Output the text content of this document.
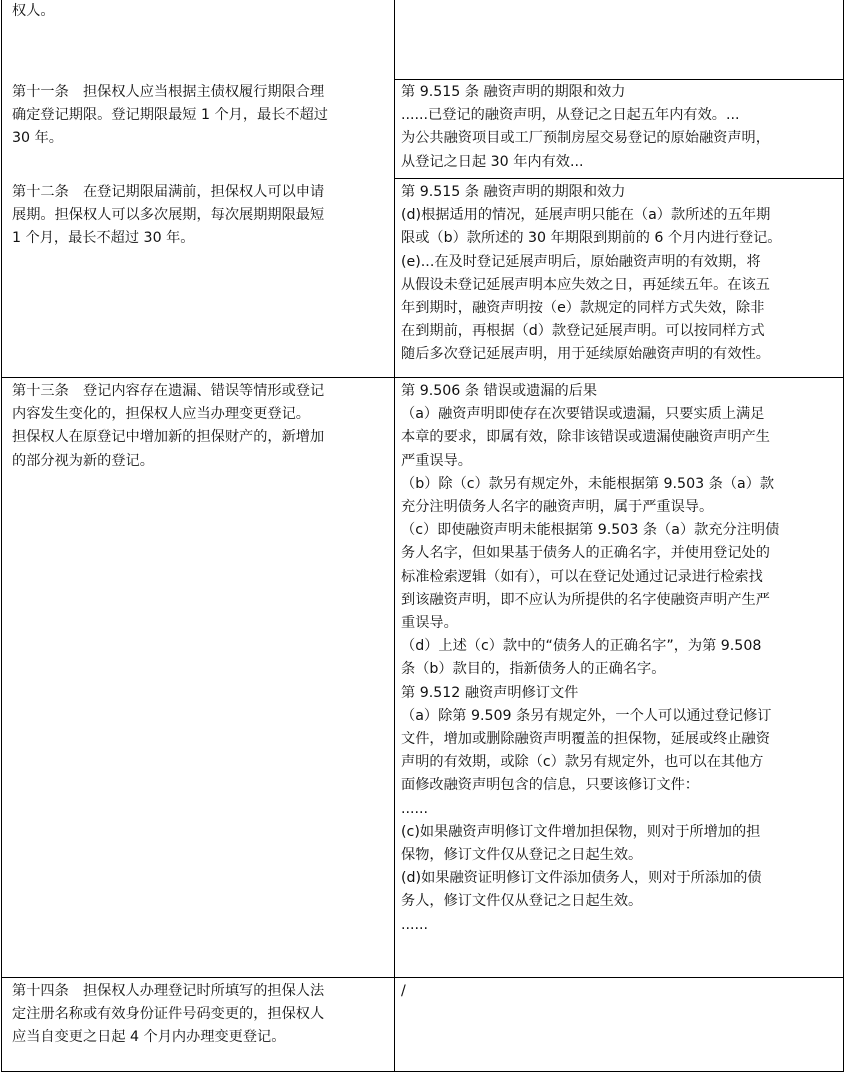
权人。
第十一条　担保权人应当根据主债权履行期限合理
确定登记期限。登记期限最短 1 个月，最长不超过
30 年。
第 9.515 条 融资声明的期限和效力
......已登记的融资声明，从登记之日起五年内有效。...
为公共融资项目或工厂预制房屋交易登记的原始融资声明，
从登记之日起 30 年内有效...
第十二条　在登记期限届满前，担保权人可以申请
展期。担保权人可以多次展期，每次展期期限最短
1 个月，最长不超过 30 年。
第 9.515 条 融资声明的期限和效力
(d)根据适用的情况，延展声明只能在（a）款所述的五年期
限或（b）款所述的 30 年期限到期前的 6 个月内进行登记。
(e)...在及时登记延展声明后，原始融资声明的有效期，将
从假设未登记延展声明本应失效之日，再延续五年。在该五
年到期时，融资声明按（e）款规定的同样方式失效，除非
在到期前，再根据（d）款登记延展声明。可以按同样方式
随后多次登记延展声明，用于延续原始融资声明的有效性。
第十三条　登记内容存在遗漏、错误等情形或登记
内容发生变化的，担保权人应当办理变更登记。
担保权人在原登记中增加新的担保财产的，新增加
的部分视为新的登记。
第 9.506 条 错误或遗漏的后果
（a）融资声明即使存在次要错误或遗漏，只要实质上满足
本章的要求，即属有效，除非该错误或遗漏使融资声明产生
严重误导。
（b）除（c）款另有规定外，未能根据第 9.503 条（a）款
充分注明债务人名字的融资声明，属于严重误导。
（c）即使融资声明未能根据第 9.503 条（a）款充分注明债
务人名字，但如果基于债务人的正确名字，并使用登记处的
标准检索逻辑（如有），可以在登记处通过记录进行检索找
到该融资声明，即不应认为所提供的名字使融资声明产生严
重误导。
（d）上述（c）款中的“债务人的正确名字”，为第 9.508
条（b）款目的，指新债务人的正确名字。
第 9.512 融资声明修订文件
（a）除第 9.509 条另有规定外，一个人可以通过登记修订
文件，增加或删除融资声明覆盖的担保物，延展或终止融资
声明的有效期，或除（c）款另有规定外，也可以在其他方
面修改融资声明包含的信息，只要该修订文件：
......
(c)如果融资声明修订文件增加担保物，则对于所增加的担
保物，修订文件仅从登记之日起生效。
(d)如果融资证明修订文件添加债务人，则对于所添加的债
务人，修订文件仅从登记之日起生效。
......
第十四条　担保权人办理登记时所填写的担保人法
定注册名称或有效身份证件号码变更的，担保权人
应当自变更之日起 4 个月内办理变更登记。
/
